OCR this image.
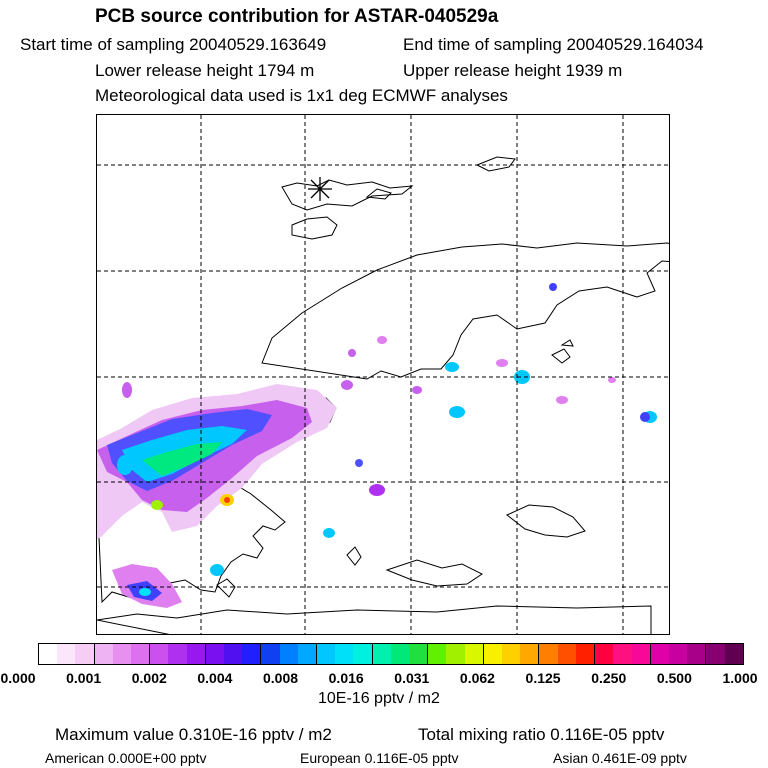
PCB source contribution for ASTAR-040529a
Start time of sampling 20040529.163649	End time of sampling 20040529.164034
Lower release height 1794 m	Upper release height 1939 m
Meteorological data used is 1x1 deg ECMWF analyses
0.000 0.001 0.002 0.004 0.008 0.016 0.031 0.062 0.125 0.250 0.500 1.000
10E-16 pptv / m2
Maximum value 0.310E-16 pptv / m2	Total mixing ratio 0.116E-05 pptv
American 0.000E+00 pptv	European 0.116E-05 pptv	Asian 0.461E-09 pptv
